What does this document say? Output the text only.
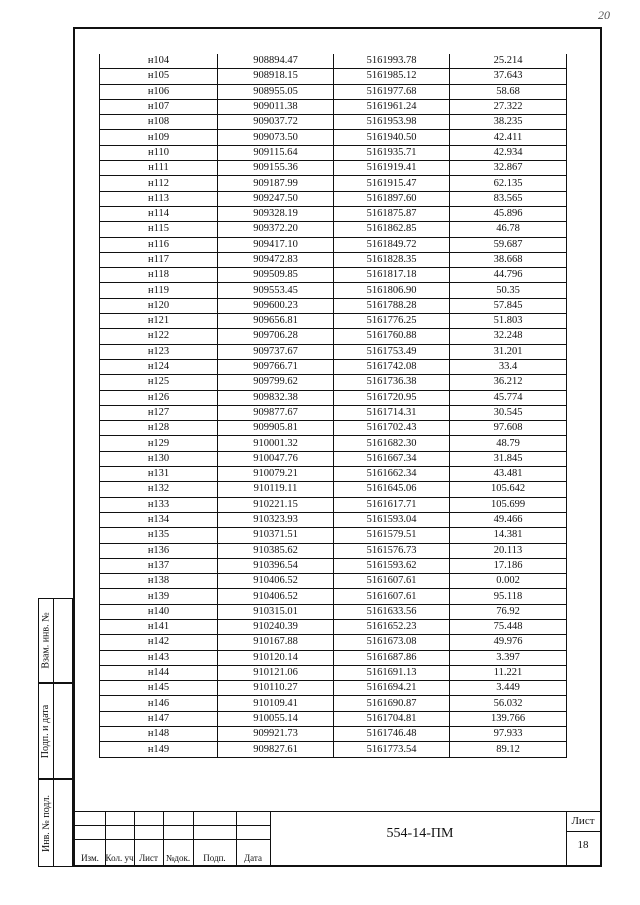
20
Взам. инв. №
Подп. и дата
Инв. № подл.
н104	908894.47	5161993.78	25.214
н105	908918.15	5161985.12	37.643
н106	908955.05	5161977.68	58.68
н107	909011.38	5161961.24	27.322
н108	909037.72	5161953.98	38.235
н109	909073.50	5161940.50	42.411
н110	909115.64	5161935.71	42.934
н111	909155.36	5161919.41	32.867
н112	909187.99	5161915.47	62.135
н113	909247.50	5161897.60	83.565
н114	909328.19	5161875.87	45.896
н115	909372.20	5161862.85	46.78
н116	909417.10	5161849.72	59.687
н117	909472.83	5161828.35	38.668
н118	909509.85	5161817.18	44.796
н119	909553.45	5161806.90	50.35
н120	909600.23	5161788.28	57.845
н121	909656.81	5161776.25	51.803
н122	909706.28	5161760.88	32.248
н123	909737.67	5161753.49	31.201
н124	909766.71	5161742.08	33.4
н125	909799.62	5161736.38	36.212
н126	909832.38	5161720.95	45.774
н127	909877.67	5161714.31	30.545
н128	909905.81	5161702.43	97.608
н129	910001.32	5161682.30	48.79
н130	910047.76	5161667.34	31.845
н131	910079.21	5161662.34	43.481
н132	910119.11	5161645.06	105.642
н133	910221.15	5161617.71	105.699
н134	910323.93	5161593.04	49.466
н135	910371.51	5161579.51	14.381
н136	910385.62	5161576.73	20.113
н137	910396.54	5161593.62	17.186
н138	910406.52	5161607.61	0.002
н139	910406.52	5161607.61	95.118
н140	910315.01	5161633.56	76.92
н141	910240.39	5161652.23	75.448
н142	910167.88	5161673.08	49.976
н143	910120.14	5161687.86	3.397
н144	910121.06	5161691.13	11.221
н145	910110.27	5161694.21	3.449
н146	910109.41	5161690.87	56.032
н147	910055.14	5161704.81	139.766
н148	909921.73	5161746.48	97.933
н149	909827.61	5161773.54	89.12
Изм. Кол. уч Лист №док.	Подп.	Дата
554-14-ПМ
Лист
18
